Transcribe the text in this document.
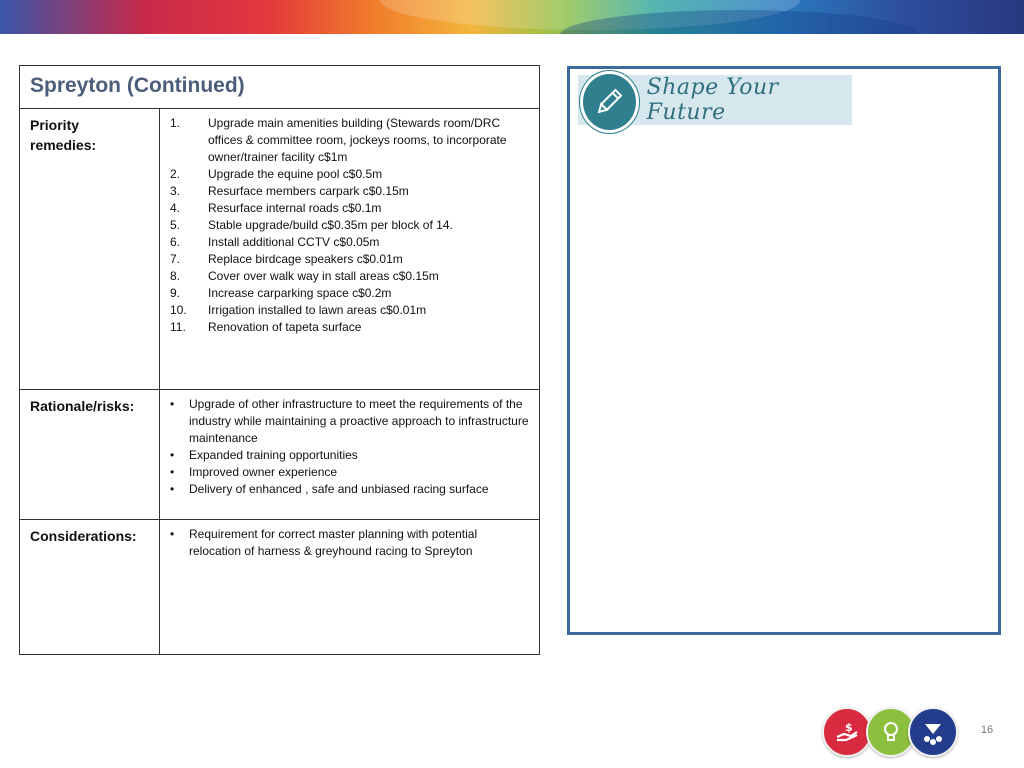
Spreyton (Continued)
Priority remedies:
1.	Upgrade main amenities building (Stewards room/DRC offices & committee room, jockeys rooms, to incorporate owner/trainer facility c$1m
2.	Upgrade the equine pool c$0.5m
3.	Resurface members carpark c$0.15m
4.	Resurface internal roads c$0.1m
5.	Stable upgrade/build c$0.35m per block of 14.
6.	Install additional CCTV c$0.05m
7.	Replace birdcage speakers c$0.01m
8.	Cover over walk way in stall areas c$0.15m
9.	Increase carparking space c$0.2m
10.	Irrigation installed to lawn areas c$0.01m
11.	Renovation of tapeta surface
Rationale/risks:	•	Upgrade of other infrastructure to meet the requirements of the industry while maintaining a proactive approach to infrastructure maintenance
•	Expanded training opportunities
•	Improved owner experience
•	Delivery of enhanced , safe and unbiased racing surface
Considerations:	•	Requirement for correct master planning with potential relocation of harness & greyhound racing to Spreyton
Shape Your Future
$	16
